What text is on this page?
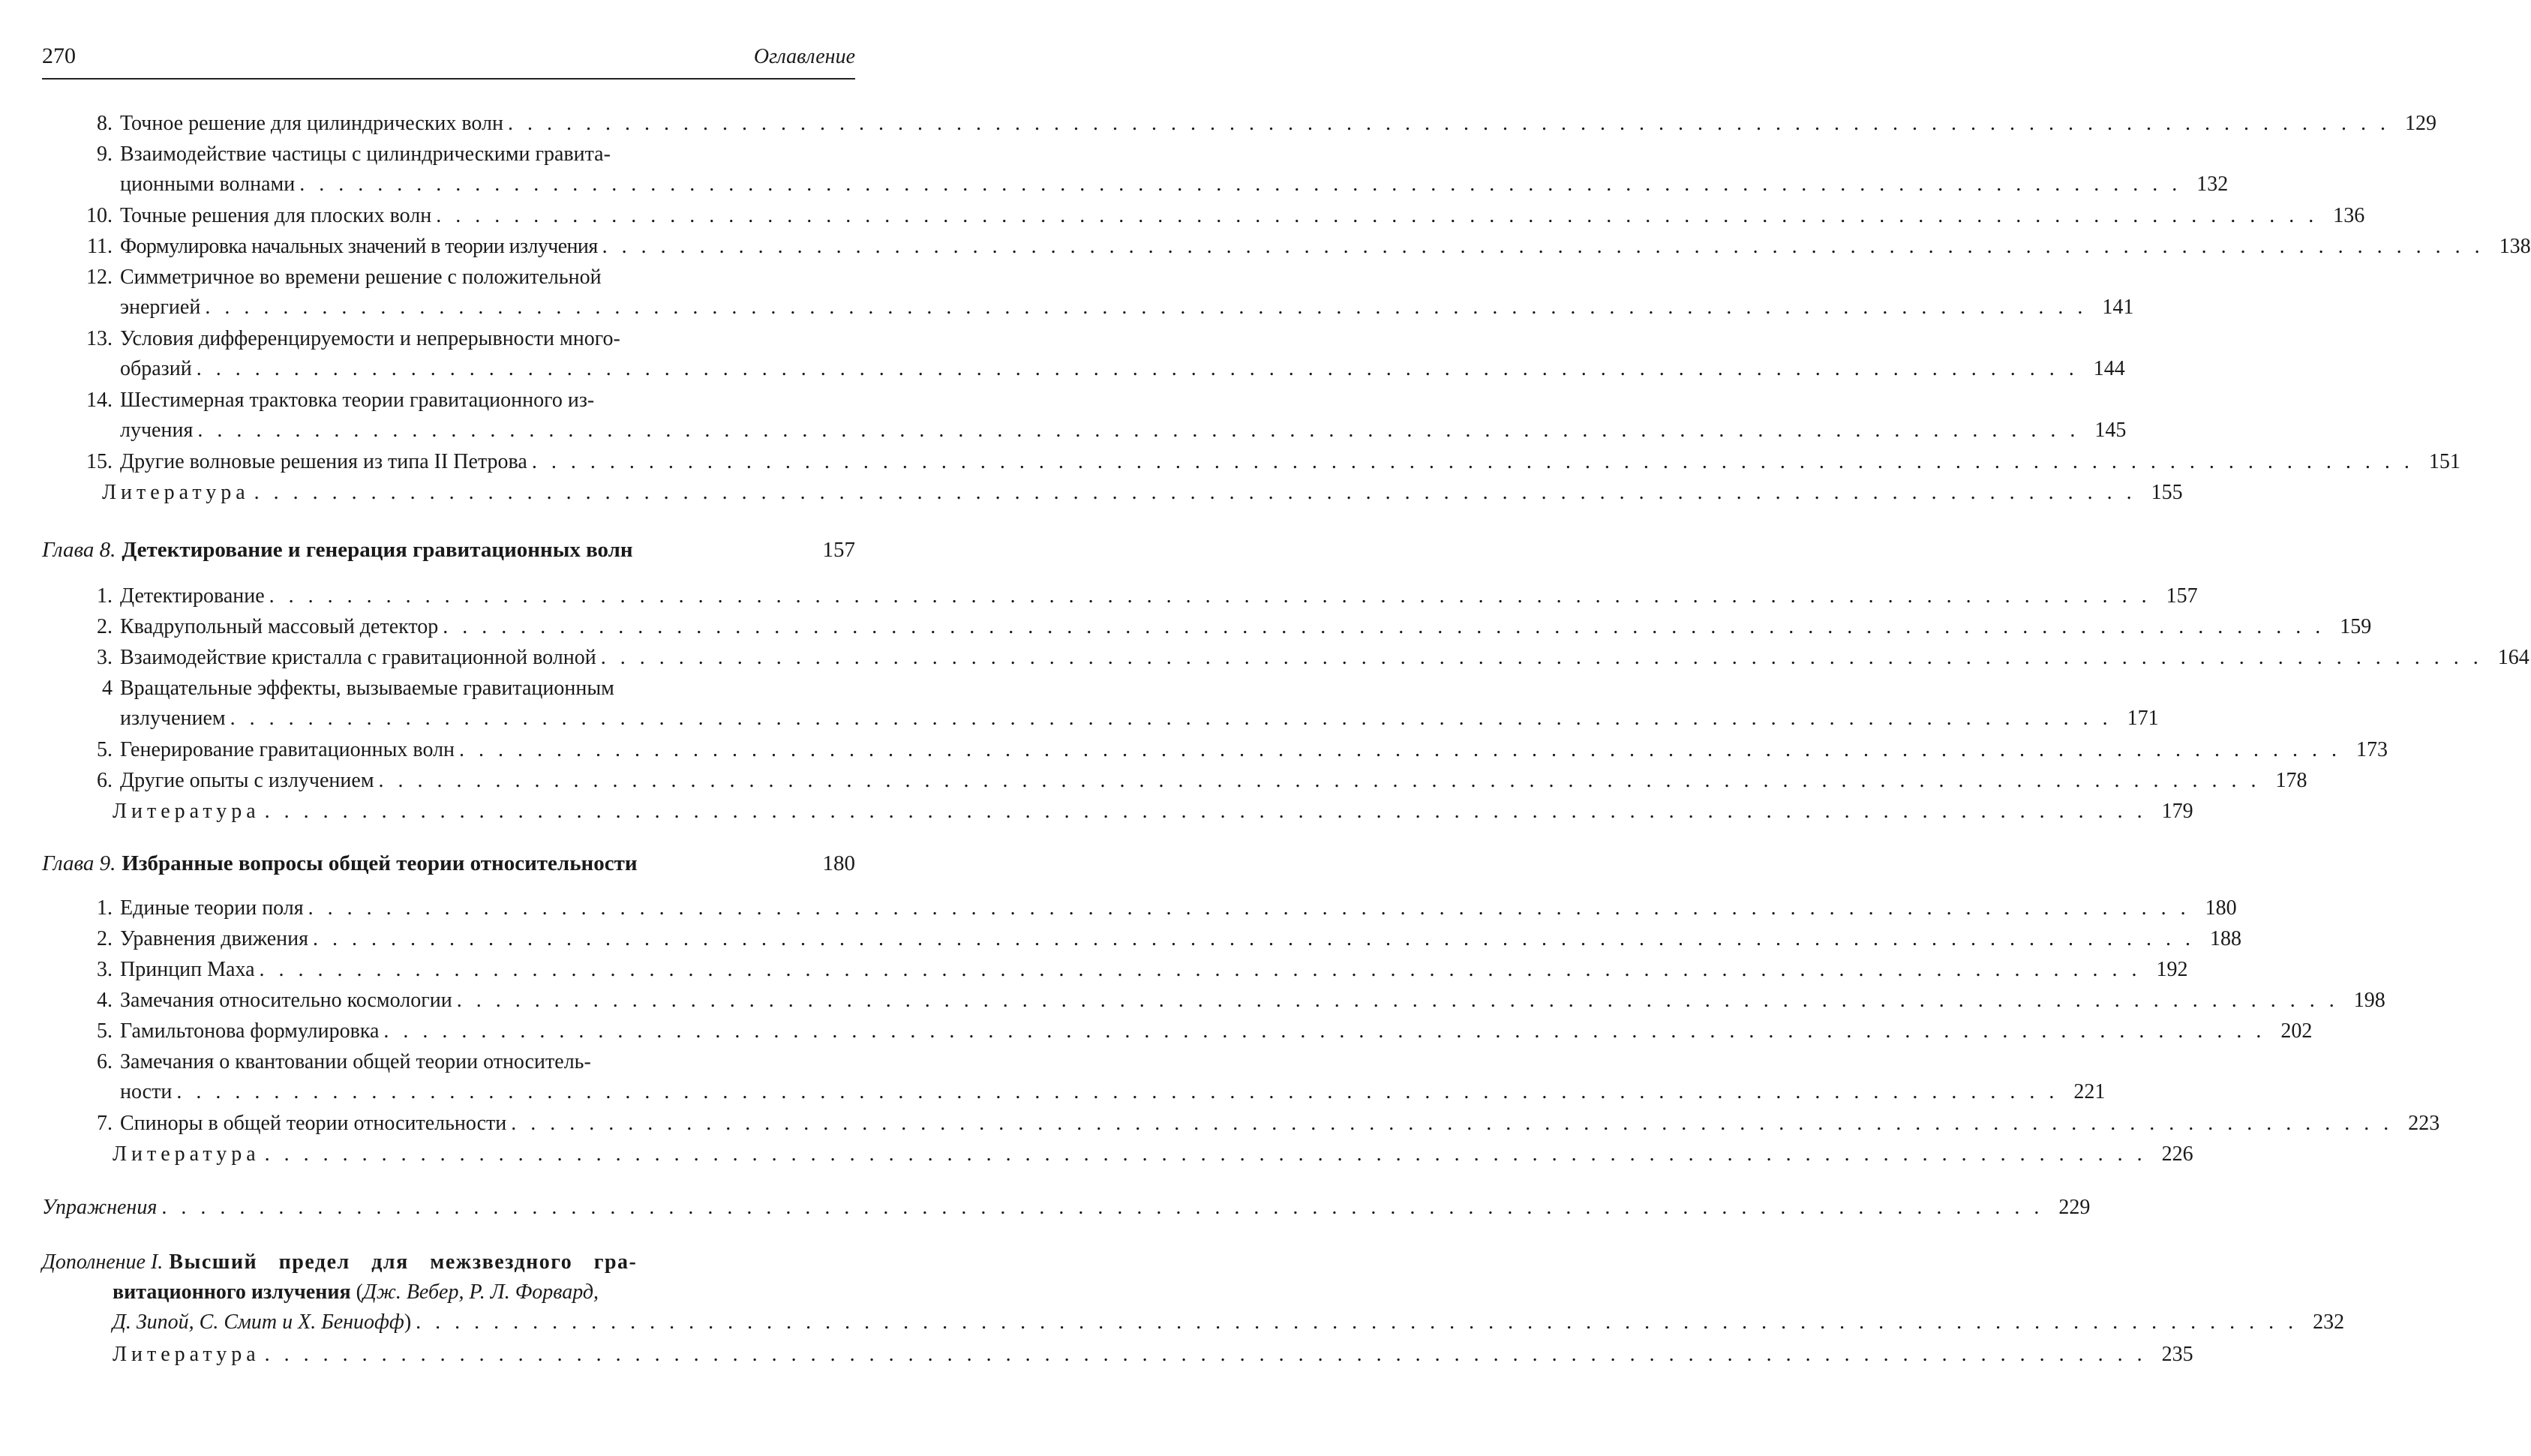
270	Оглавление
8. Точное решение для цилиндрических волн . . .	129
9. Взаимодействие частицы с цилиндрическими гравита-
ционными волнами . . .	132
10. Точные решения для плоских волн . . .	136
11. Формулировка начальных значений в теории излучения . . .	138
12. Симметричное во времени решение с положительной
энергией . . .	141
13. Условия дифференцируемости и непрерывности много-
образий . . .	144
14. Шестимерная трактовка теории гравитационного из-
лучения . . .	145
15. Другие волновые решения из типа II Петрова . . .	151
Литература . . .	155
Глава 8. Детектирование и генерация гравитационных волн	157
1. Детектирование . . .	157
2. Квадрупольный массовый детектор . . .	159
3. Взаимодействие кристалла с гравитационной волной . . .	164
4 Вращательные эффекты, вызываемые гравитационным
излучением . . .	171
5. Генерирование гравитационных волн . . .	173
6. Другие опыты с излучением . . .	178
Литература . . .	179
Глава 9. Избранные вопросы общей теории относительности	180
1. Единые теории поля . . .	180
2. Уравнения движения . . .	188
3. Принцип Маха . . .	192
4. Замечания относительно космологии . . .	198
5. Гамильтонова формулировка . . .	202
6. Замечания о квантовании общей теории относитель-
ности . . .	221
7. Спиноры в общей теории относительности . . .	223
Литература . . .	226
Упражнения . . .	229
Дополнение I. Высший предел для межзвездного гра-
витационного излучения (Дж. Вебер, Р. Л. Форвард,
Д. Зипой, С. Смит и Х. Бениофф) . . .	232
Литература . . .	235
